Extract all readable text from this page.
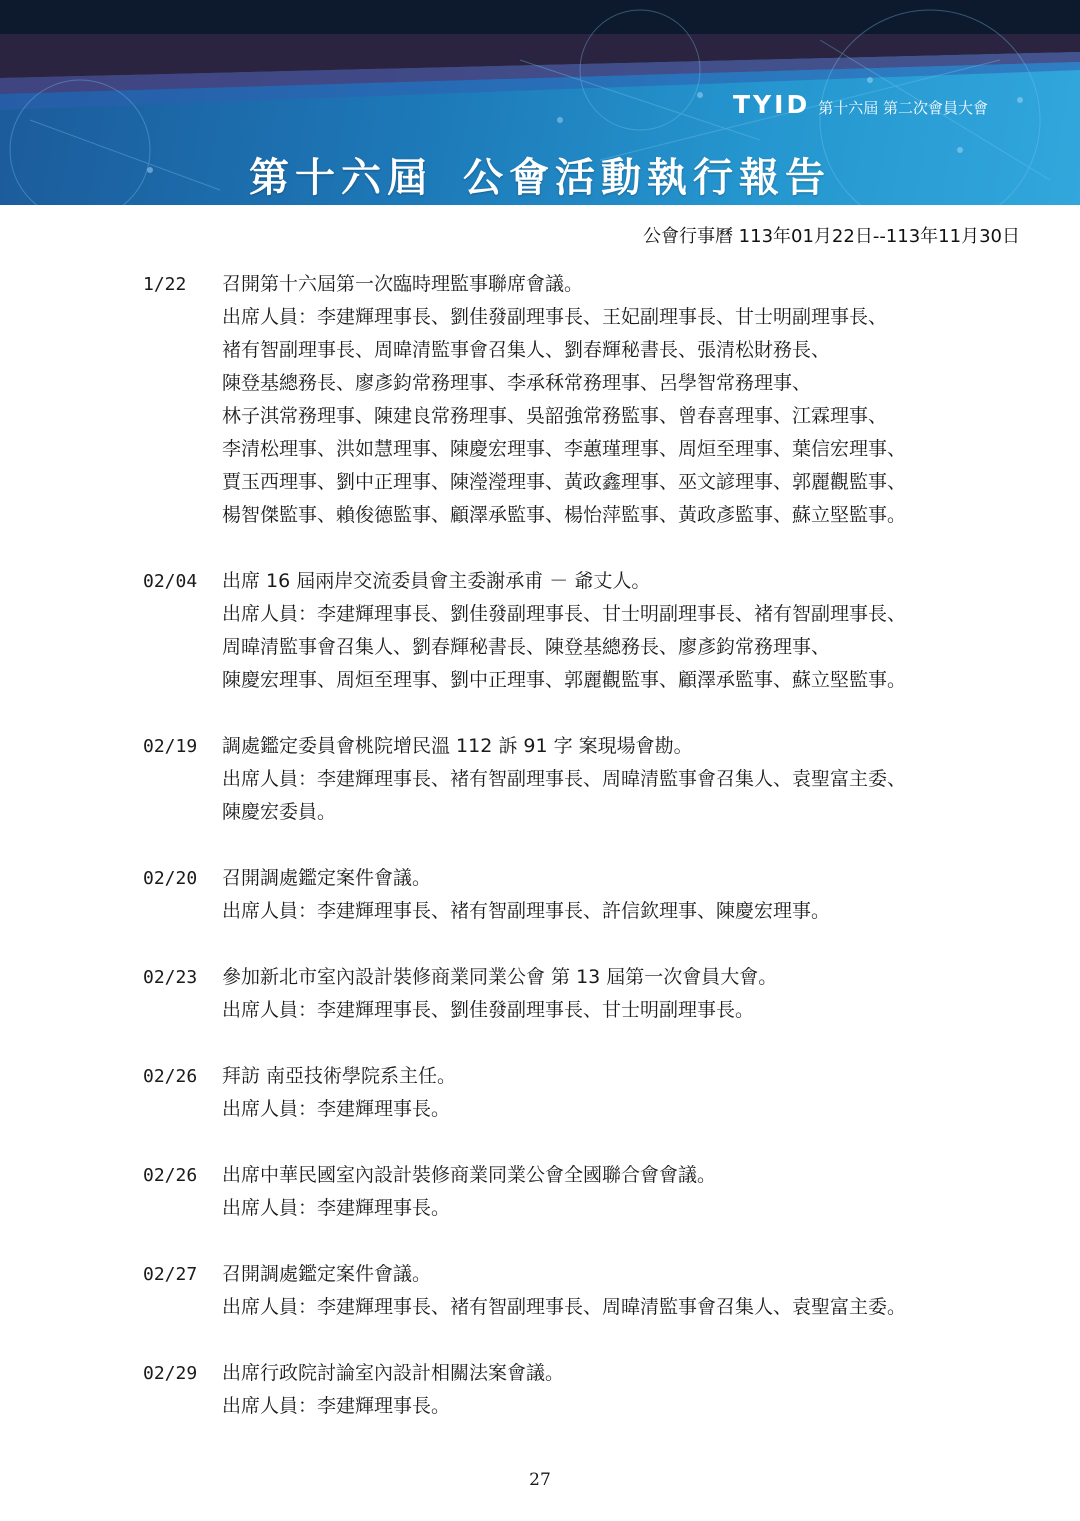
TYID 第十六屆 第二次會員大會
第十六屆 公會活動執行報告
公會行事曆 113年01月22日--113年11月30日
1/22	召開第十六屆第一次臨時理監事聯席會議。

出席人員：李建輝理事長、劉佳發副理事長、王妃副理事長、甘士明副理事長、
褚有智副理事長、周暐清監事會召集人、劉春輝秘書長、張清松財務長、
陳登基總務長、廖彥鈞常務理事、李承秝常務理事、呂學智常務理事、
林子淇常務理事、陳建良常務理事、吳韶強常務監事、曾春喜理事、江霖理事、
李清松理事、洪如慧理事、陳慶宏理事、李蕙瑾理事、周烜至理事、葉信宏理事、
賈玉西理事、劉中正理事、陳瀅瀅理事、黃政鑫理事、巫文諺理事、郭麗觀監事、
楊智傑監事、賴俊德監事、顧澤承監事、楊怡萍監事、黃政彥監事、蘇立堅監事。

02/04	出席 16 屆兩岸交流委員會主委謝承甫 － 爺丈人。

出席人員：李建輝理事長、劉佳發副理事長、甘士明副理事長、褚有智副理事長、
周暐清監事會召集人、劉春輝秘書長、陳登基總務長、廖彥鈞常務理事、
陳慶宏理事、周烜至理事、劉中正理事、郭麗觀監事、顧澤承監事、蘇立堅監事。

02/19	調處鑑定委員會桃院增民溫 112 訴 91 字 案現場會勘。

出席人員：李建輝理事長、褚有智副理事長、周暐清監事會召集人、袁聖富主委、
陳慶宏委員。

02/20	召開調處鑑定案件會議。

出席人員：李建輝理事長、褚有智副理事長、許信欽理事、陳慶宏理事。

02/23	參加新北市室內設計裝修商業同業公會 第 13 屆第一次會員大會。

出席人員：李建輝理事長、劉佳發副理事長、甘士明副理事長。

02/26	拜訪 南亞技術學院系主任。

出席人員：李建輝理事長。

02/26	出席中華民國室內設計裝修商業同業公會全國聯合會會議。

出席人員：李建輝理事長。

02/27	召開調處鑑定案件會議。

出席人員：李建輝理事長、褚有智副理事長、周暐清監事會召集人、袁聖富主委。

02/29	出席行政院討論室內設計相關法案會議。

出席人員：李建輝理事長。

27
